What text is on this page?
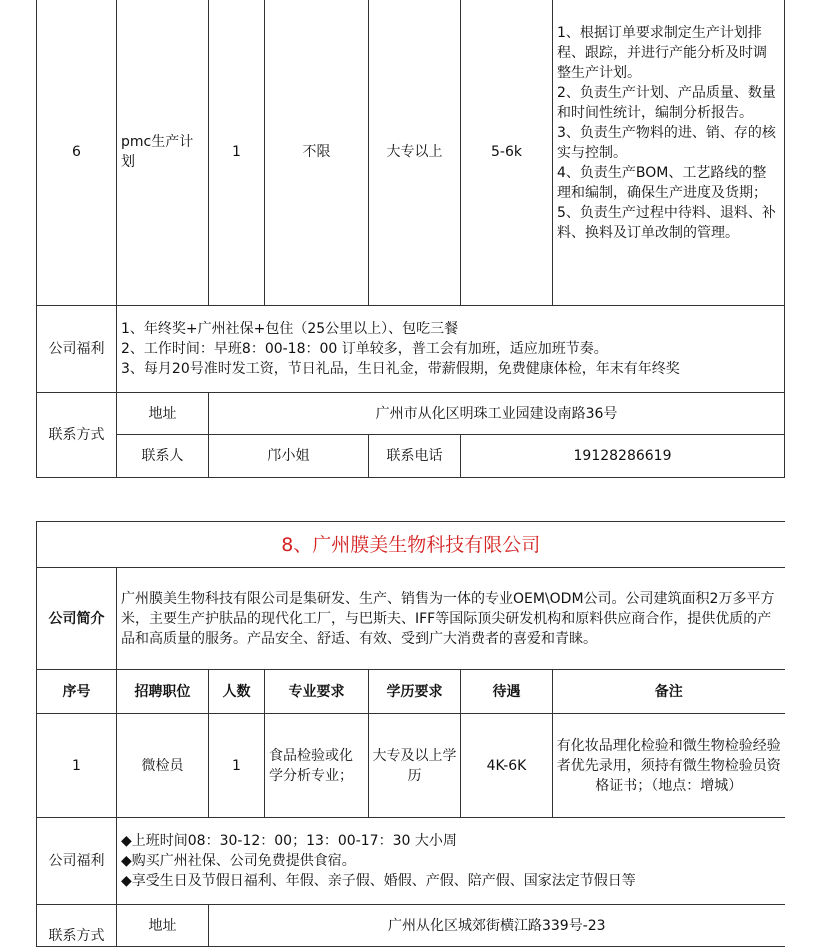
6	pmc生产计划	1	不限	大专以上	5-6k	1、根据订单要求制定生产计划排程、跟踪，并进行产能分析及时调整生产计划。
2、负责生产计划、产品质量、数量和时间性统计，编制分析报告。
3、负责生产物料的进、销、存的核实与控制。
4、负责生产BOM、工艺路线的整理和编制，确保生产进度及货期；
5、负责生产过程中待料、退料、补料、换料及订单改制的管理。

公司福利	1、年终奖+广州社保+包住（25公里以上）、包吃三餐
2、工作时间：早班8：00-18：00 订单较多，普工会有加班，适应加班节奏。
3、每月20号准时发工资，节日礼品，生日礼金，带薪假期，免费健康体检，年末有年终奖					

联系方式	地址	广州市从化区明珠工业园建设南路36号				
	联系人	邝小姐		联系电话	19128286619	
8、广州膜美生物科技有限公司						
公司简介	广州膜美生物科技有限公司是集研发、生产、销售为一体的专业OEM\ODM公司。公司建筑面积2万多平方米，主要生产护肤品的现代化工厂，与巴斯夫、IFF等国际顶尖研发机构和原料供应商合作，提供优质的产品和高质量的服务。产品安全、舒适、有效、受到广大消费者的喜爱和青睐。					
序号	招聘职位	人数	专业要求	学历要求	待遇	备注
1	微检员	1	食品检验或化学分析专业；	大专及以上学历	4K-6K	有化妆品理化检验和微生物检验经验者优先录用，须持有微生物检验员资格证书；（地点：增城）
公司福利	◆上班时间08：30-12：00；13：00-17：30 大小周
◆购买广州社保、公司免费提供食宿。
◆享受生日及节假日福利、年假、亲子假、婚假、产假、陪产假、国家法定节假日等					

联系方式	地址	广州从化区城郊街横江路339号-23				
